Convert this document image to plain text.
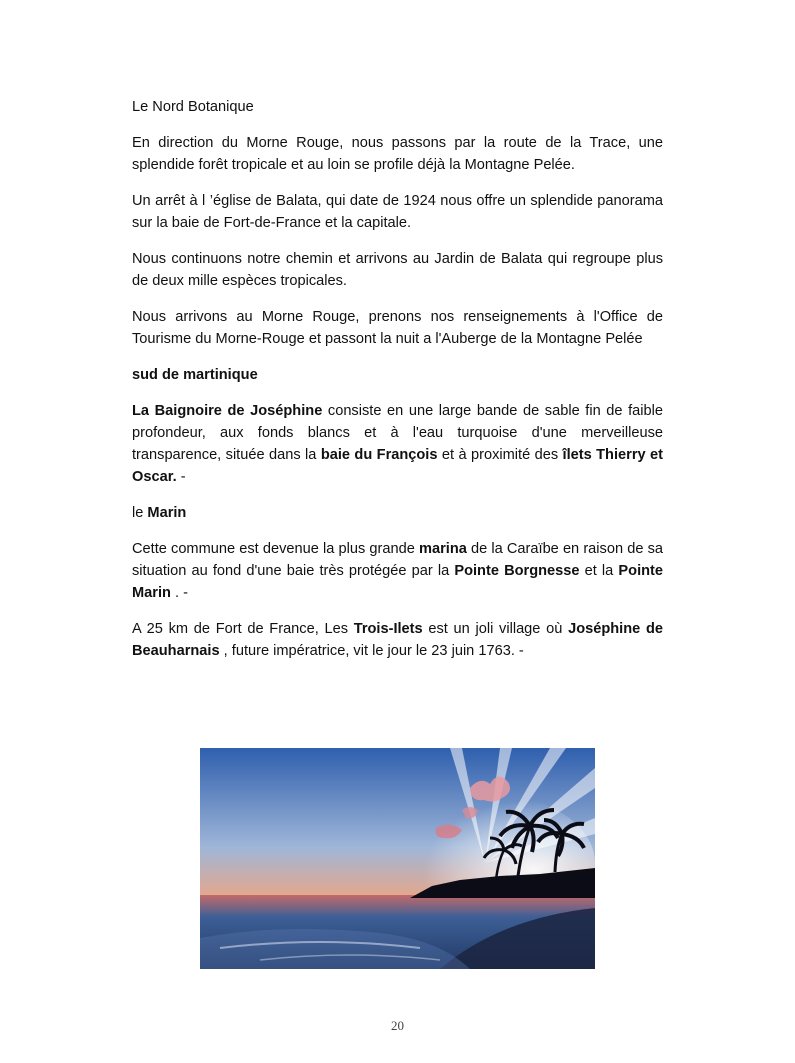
Le Nord Botanique

En direction du Morne Rouge, nous passons par la route de la Trace, une splendide forêt tropicale et au loin se profile déjà la Montagne Pelée.

Un arrêt à l ’église de Balata, qui date de 1924 nous offre un splendide panorama sur la baie de Fort-de-France et la capitale.

Nous continuons notre chemin et arrivons au Jardin de Balata qui regroupe plus de deux mille espèces tropicales.

Nous arrivons au Morne Rouge, prenons nos renseignements à l'Office de Tourisme du Morne-Rouge et passont la nuit a l'Auberge de la Montagne Pelée

sud de martinique

La Baignoire de Joséphine consiste en une large bande de sable fin de faible profondeur, aux fonds blancs et à l'eau turquoise d'une merveilleuse transparence, située dans la baie du François et à proximité des îlets Thierry et Oscar. -

le Marin

Cette commune est devenue la plus grande marina de la Caraïbe en raison de sa situation au fond d'une baie très protégée par la Pointe Borgnesse et la Pointe Marin . -

A 25 km de Fort de France, Les Trois-Ilets est un joli village où Joséphine de Beauharnais , future impératrice, vit le jour le 23 juin 1763. -

20
